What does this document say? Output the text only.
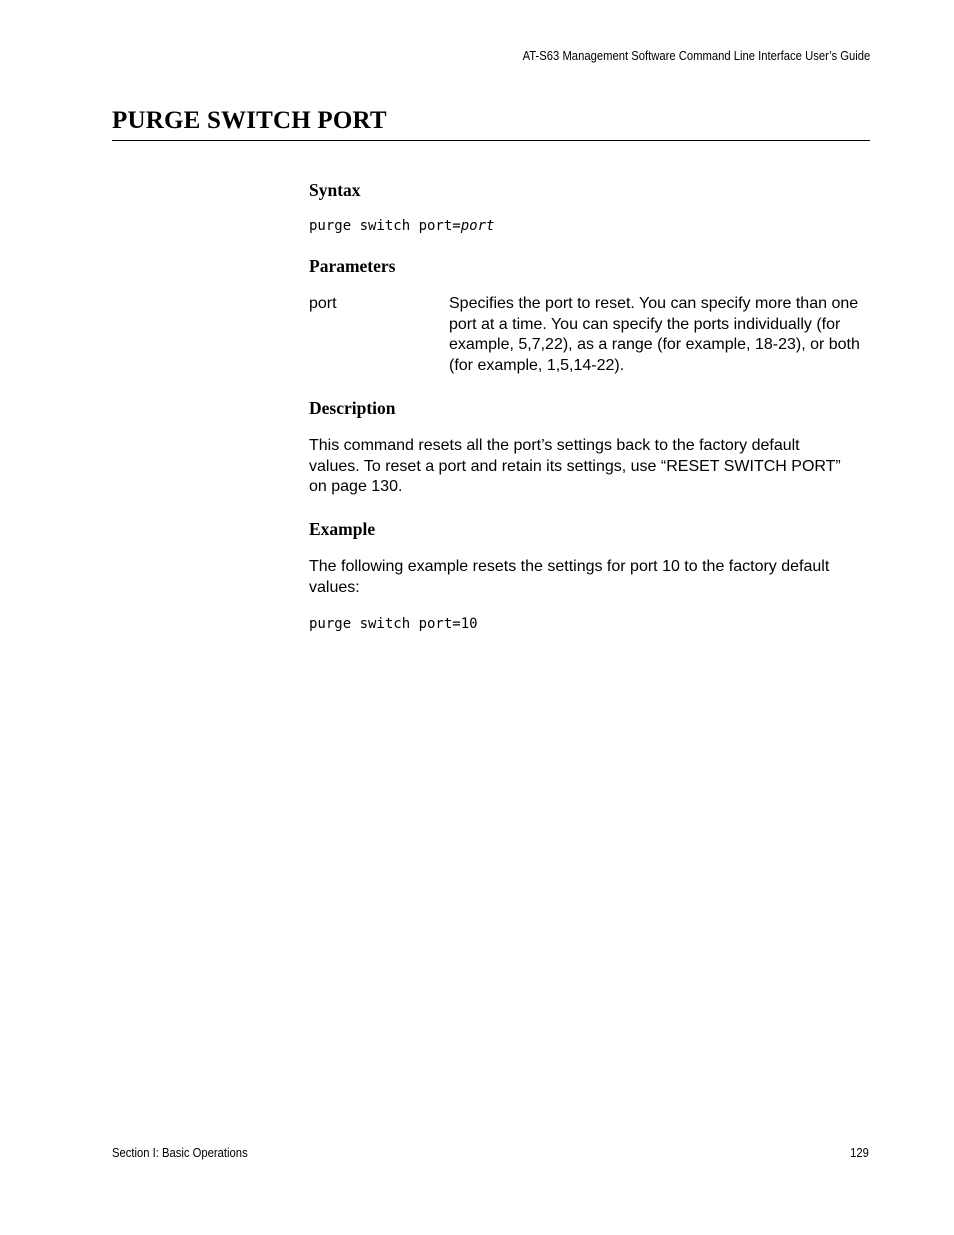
AT-S63 Management Software Command Line Interface User’s Guide
PURGE SWITCH PORT
Syntax
purge switch port=port
Parameters
port	Specifies the port to reset. You can specify more than one port at a time. You can specify the ports individually (for example, 5,7,22), as a range (for example, 18-23), or both (for example, 1,5,14-22).

Description

This command resets all the port’s settings back to the factory default values. To reset a port and retain its settings, use “RESET SWITCH PORT” on page 130.

Example

The following example resets the settings for port 10 to the factory default values:

purge switch port=10
Section I: Basic Operations	129
